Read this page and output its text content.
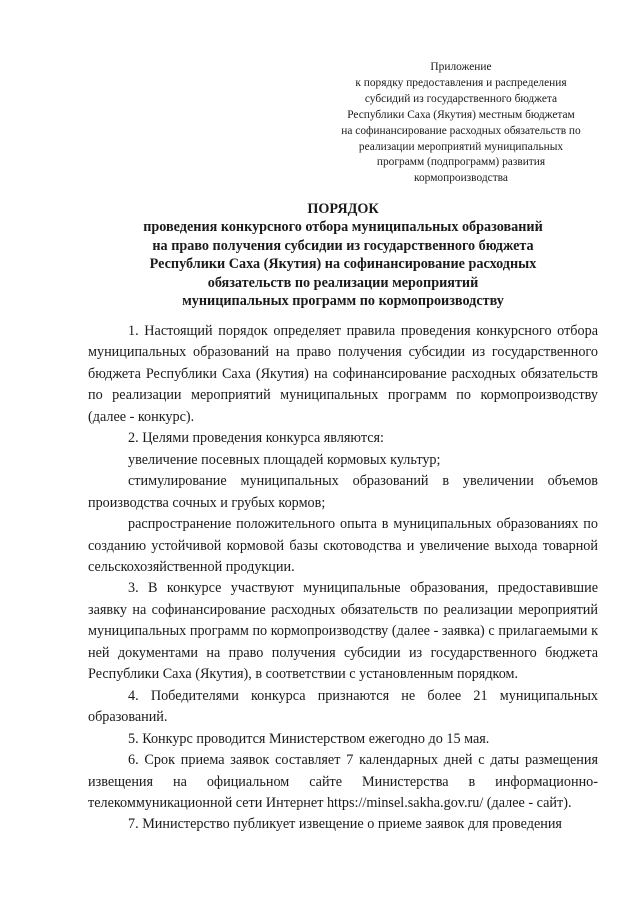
Приложение
к порядку предоставления и распределения
субсидий из государственного бюджета
Республики Саха (Якутия) местным бюджетам
на софинансирование расходных обязательств по
реализации мероприятий муниципальных
программ (подпрограмм) развития
кормопроизводства
ПОРЯДОК
проведения конкурсного отбора муниципальных образований
на право получения субсидии из государственного бюджета
Республики Саха (Якутия) на софинансирование расходных
обязательств по реализации мероприятий
муниципальных программ по кормопроизводству

1. Настоящий порядок определяет правила проведения конкурсного отбора муниципальных образований на право получения субсидии из государственного бюджета Республики Саха (Якутия) на софинансирование расходных обязательств по реализации мероприятий муниципальных программ по кормопроизводству (далее - конкурс).

2. Целями проведения конкурса являются:

увеличение посевных площадей кормовых культур;

стимулирование муниципальных образований в увеличении объемов производства сочных и грубых кормов;

распространение положительного опыта в муниципальных образованиях по созданию устойчивой кормовой базы скотоводства и увеличение выхода товарной сельскохозяйственной продукции.

3. В конкурсе участвуют муниципальные образования, предоставившие заявку на софинансирование расходных обязательств по реализации мероприятий муниципальных программ по кормопроизводству (далее - заявка) с прилагаемыми к ней документами на право получения субсидии из государственного бюджета Республики Саха (Якутия), в соответствии с установленным порядком.

4. Победителями конкурса признаются не более 21 муниципальных образований.

5. Конкурс проводится Министерством ежегодно до 15 мая.

6. Срок приема заявок составляет 7 календарных дней с даты размещения извещения на официальном сайте Министерства в информационно-телекоммуникационной сети Интернет https://minsel.sakha.gov.ru/ (далее - сайт).

7. Министерство публикует извещение о приеме заявок для проведения
